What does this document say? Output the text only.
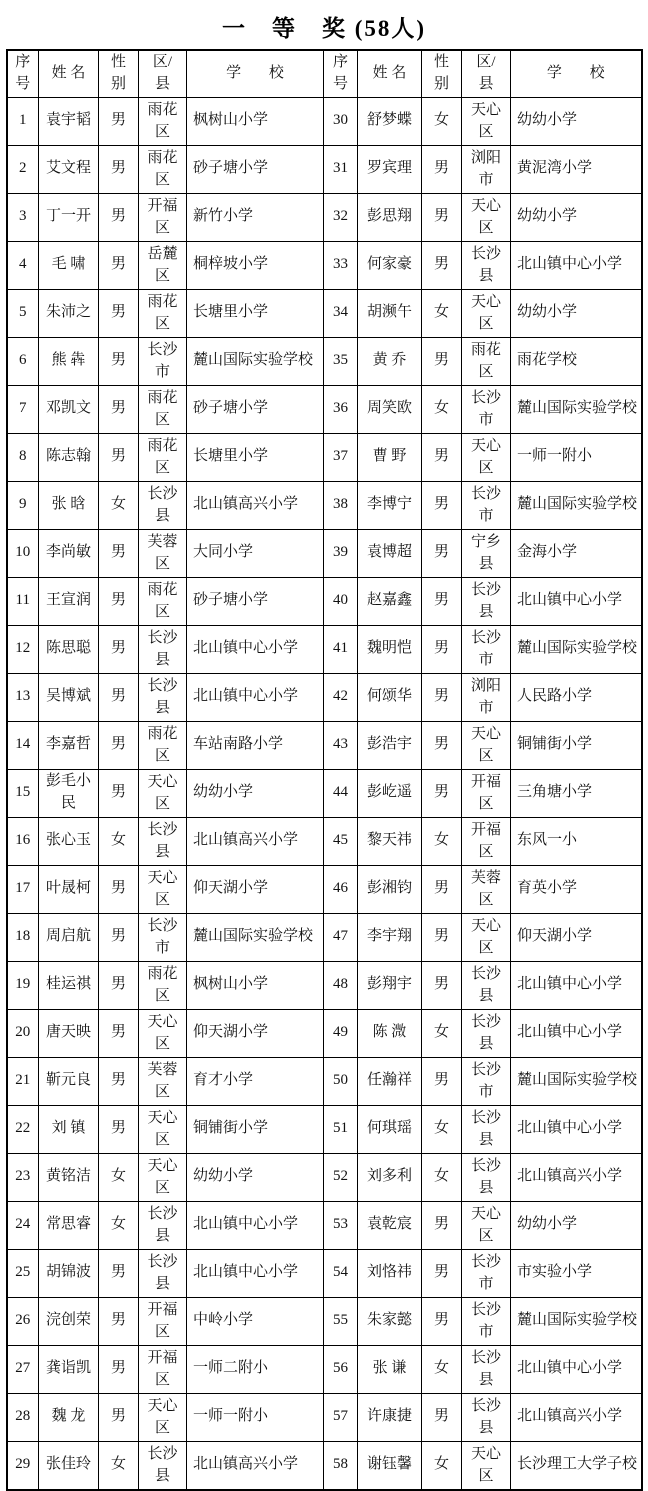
一　等　奖 (58人)
序号	姓 名	性别	区/县	学 校	序号	姓 名	性别	区/县	学 校
1	袁宇韬	男	雨花区	枫树山小学	30	舒梦蝶	女	天心区	幼幼小学
2	艾文程	男	雨花区	砂子塘小学	31	罗宾理	男	浏阳市	黄泥湾小学
3	丁一开	男	开福区	新竹小学	32	彭思翔	男	天心区	幼幼小学
4	毛 啸	男	岳麓区	桐梓坡小学	33	何家豪	男	长沙县	北山镇中心小学
5	朱沛之	男	雨花区	长塘里小学	34	胡濒午	女	天心区	幼幼小学
6	熊 犇	男	长沙市	麓山国际实验学校	35	黄 乔	男	雨花区	雨花学校
7	邓凯文	男	雨花区	砂子塘小学	36	周笑欧	女	长沙市	麓山国际实验学校
8	陈志翰	男	雨花区	长塘里小学	37	曹 野	男	天心区	一师一附小
9	张 晗	女	长沙县	北山镇高兴小学	38	李博宁	男	长沙市	麓山国际实验学校
10	李尚敏	男	芙蓉区	大同小学	39	袁博超	男	宁乡县	金海小学
11	王宣润	男	雨花区	砂子塘小学	40	赵嘉鑫	男	长沙县	北山镇中心小学
12	陈思聪	男	长沙县	北山镇中心小学	41	魏明恺	男	长沙市	麓山国际实验学校
13	吴博斌	男	长沙县	北山镇中心小学	42	何颂华	男	浏阳市	人民路小学
14	李嘉哲	男	雨花区	车站南路小学	43	彭浩宇	男	天心区	铜铺街小学
15	彭毛小民	男	天心区	幼幼小学	44	彭屹遥	男	开福区	三角塘小学
16	张心玉	女	长沙县	北山镇高兴小学	45	黎天祎	女	开福区	东风一小
17	叶晟柯	男	天心区	仰天湖小学	46	彭湘钧	男	芙蓉区	育英小学
18	周启航	男	长沙市	麓山国际实验学校	47	李宇翔	男	天心区	仰天湖小学
19	桂运祺	男	雨花区	枫树山小学	48	彭翔宇	男	长沙县	北山镇中心小学
20	唐天映	男	天心区	仰天湖小学	49	陈 溦	女	长沙县	北山镇中心小学
21	靳元良	男	芙蓉区	育才小学	50	任瀚祥	男	长沙市	麓山国际实验学校
22	刘 镇	男	天心区	铜铺街小学	51	何琪瑶	女	长沙县	北山镇中心小学
23	黄铭洁	女	天心区	幼幼小学	52	刘多利	女	长沙县	北山镇高兴小学
24	常思睿	女	长沙县	北山镇中心小学	53	袁乾宸	男	天心区	幼幼小学
25	胡锦波	男	长沙县	北山镇中心小学	54	刘恪祎	男	长沙市	市实验小学
26	浣创荣	男	开福区	中岭小学	55	朱家懿	男	长沙市	麓山国际实验学校
27	龚诣凯	男	开福区	一师二附小	56	张 谦	女	长沙县	北山镇中心小学
28	魏 龙	男	天心区	一师一附小	57	许康捷	男	长沙县	北山镇高兴小学
29	张佳玲	女	长沙县	北山镇高兴小学	58	谢钰馨	女	天心区	长沙理工大学子校
